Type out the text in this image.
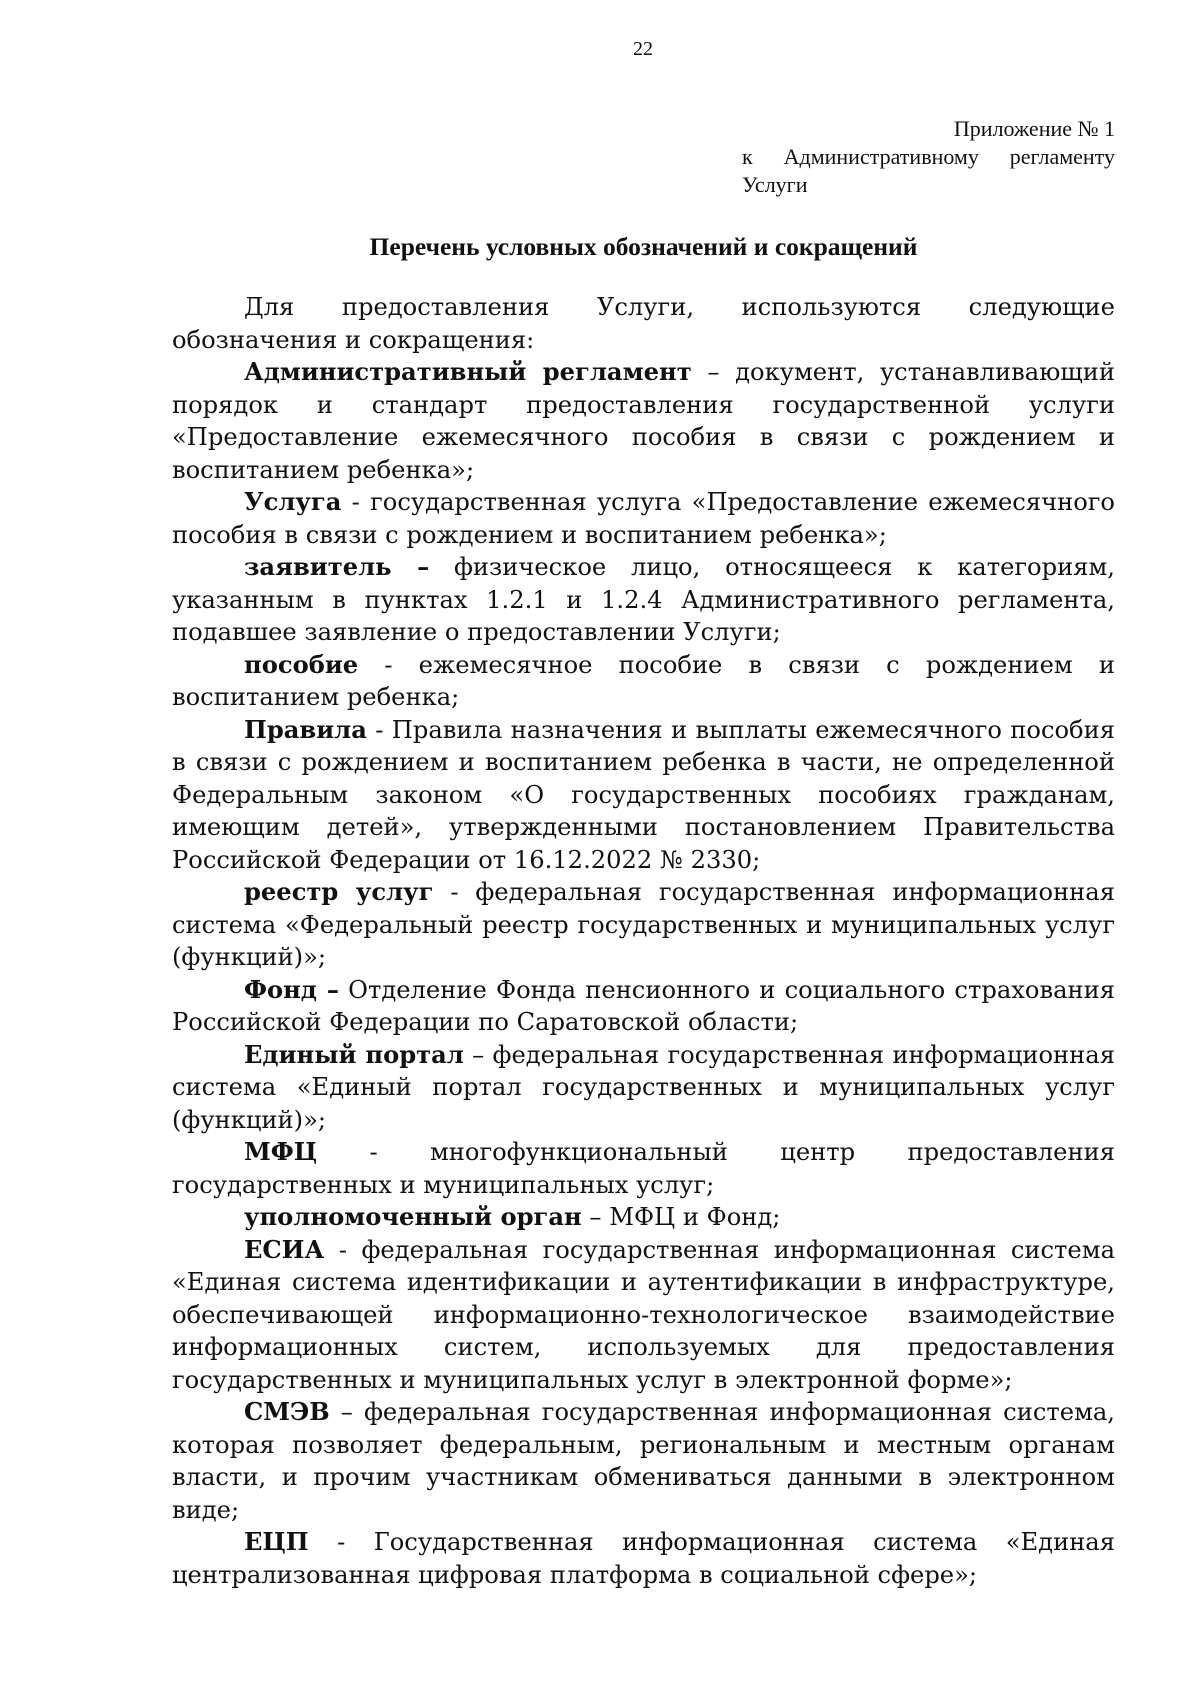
22
Приложение № 1
к Административному регламенту
Услуги
Перечень условных обозначений и сокращений

Для предоставления Услуги, используются следующие обозначения и сокращения:

Административный регламент – документ, устанавливающий порядок и стандарт предоставления государственной услуги «Предоставление ежемесячного пособия в связи с рождением и воспитанием ребенка»;

Услуга - государственная услуга «Предоставление ежемесячного пособия в связи с рождением и воспитанием ребенка»;

заявитель – физическое лицо, относящееся к категориям, указанным в пунктах 1.2.1 и 1.2.4 Административного регламента, подавшее заявление о предоставлении Услуги;

пособие - ежемесячное пособие в связи с рождением и воспитанием ребенка;

Правила - Правила назначения и выплаты ежемесячного пособия в связи с рождением и воспитанием ребенка в части, не определенной Федеральным законом «О государственных пособиях гражданам, имеющим детей», утвержденными постановлением Правительства Российской Федерации от 16.12.2022 № 2330;

реестр услуг - федеральная государственная информационная система «Федеральный реестр государственных и муниципальных услуг (функций)»;

Фонд – Отделение Фонда пенсионного и социального страхования Российской Федерации по Саратовской области;

Единый портал – федеральная государственная информационная система «Единый портал государственных и муниципальных услуг (функций)»;

МФЦ - многофункциональный центр предоставления государственных и муниципальных услуг;

уполномоченный орган – МФЦ и Фонд;

ЕСИА - федеральная государственная информационная система «Единая система идентификации и аутентификации в инфраструктуре, обеспечивающей информационно-технологическое взаимодействие информационных систем, используемых для предоставления государственных и муниципальных услуг в электронной форме»;

СМЭВ – федеральная государственная информационная система, которая позволяет федеральным, региональным и местным органам власти, и прочим участникам обмениваться данными в электронном виде;

ЕЦП - Государственная информационная система «Единая централизованная цифровая платформа в социальной сфере»;
